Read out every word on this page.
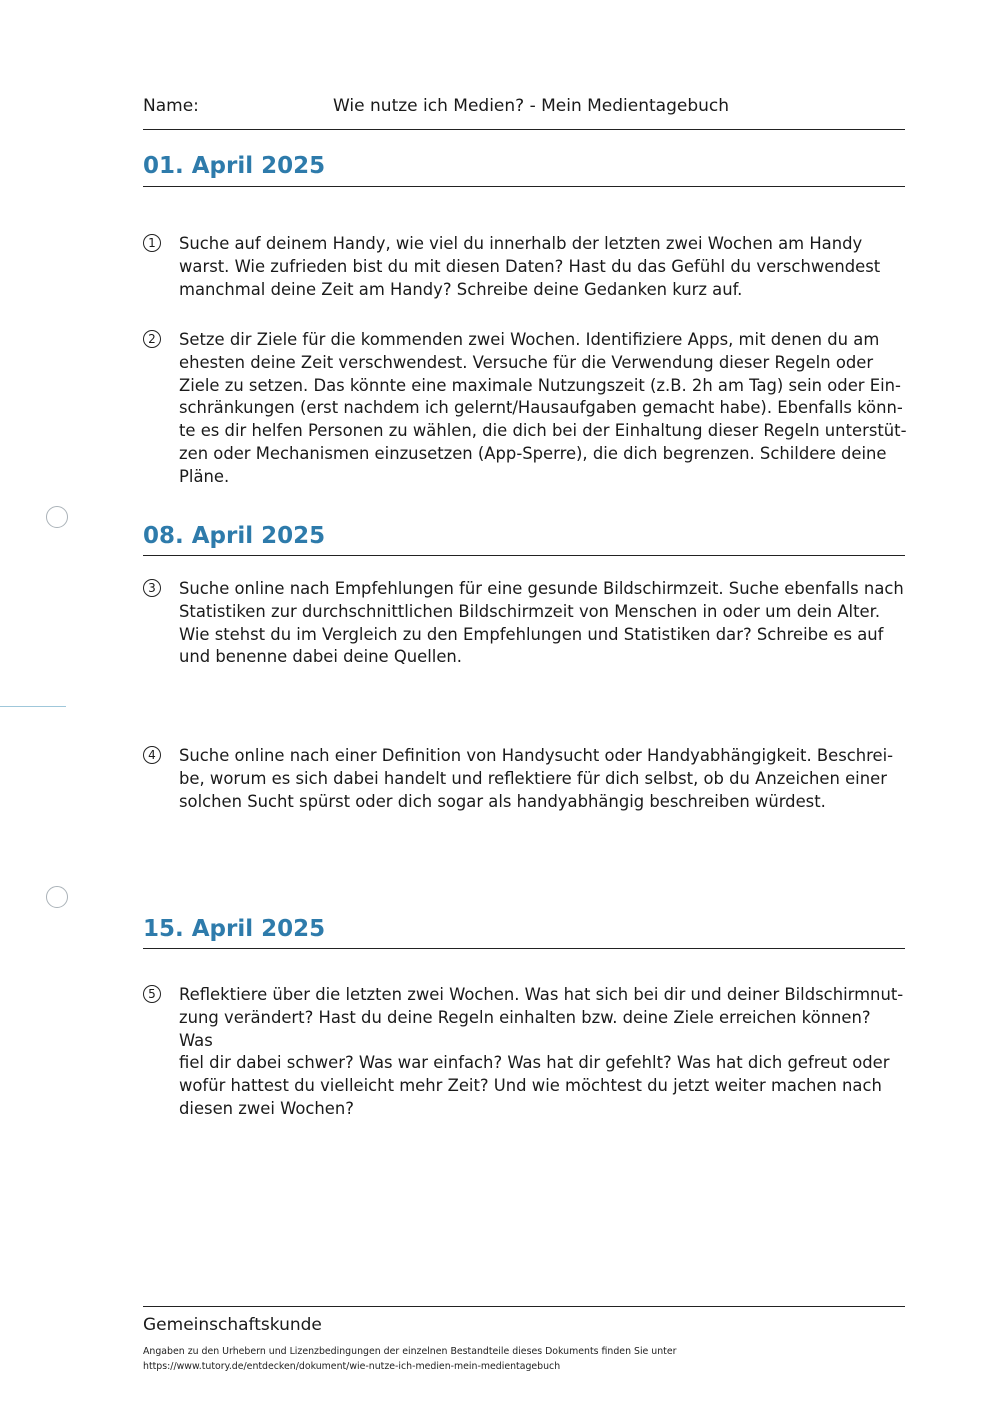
Name:	Wie nutze ich Medien? - Mein Medientagebuch
01. April 2025
1	Suche auf deinem Handy, wie viel du innerhalb der letzten zwei Wochen am Handy
warst. Wie zufrieden bist du mit diesen Daten? Hast du das Gefühl du verschwendest
manchmal deine Zeit am Handy? Schreibe deine Gedanken kurz auf.
2	Setze dir Ziele für die kommenden zwei Wochen. Identifiziere Apps, mit denen du am
ehesten deine Zeit verschwendest. Versuche für die Verwendung dieser Regeln oder
Ziele zu setzen. Das könnte eine maximale Nutzungszeit (z.B. 2h am Tag) sein oder Ein-
schränkungen (erst nachdem ich gelernt/Hausaufgaben gemacht habe). Ebenfalls könn-
te es dir helfen Personen zu wählen, die dich bei der Einhaltung dieser Regeln unterstüt-
zen oder Mechanismen einzusetzen (App-Sperre), die dich begrenzen. Schildere deine
Pläne.
08. April 2025
3	Suche online nach Empfehlungen für eine gesunde Bildschirmzeit. Suche ebenfalls nach
Statistiken zur durchschnittlichen Bildschirmzeit von Menschen in oder um dein Alter.
Wie stehst du im Vergleich zu den Empfehlungen und Statistiken dar? Schreibe es auf
und benenne dabei deine Quellen.
4	Suche online nach einer Definition von Handysucht oder Handyabhängigkeit. Beschrei-
be, worum es sich dabei handelt und reflektiere für dich selbst, ob du Anzeichen einer
solchen Sucht spürst oder dich sogar als handyabhängig beschreiben würdest.
15. April 2025
5	Reflektiere über die letzten zwei Wochen. Was hat sich bei dir und deiner Bildschirmnut-
zung verändert? Hast du deine Regeln einhalten bzw. deine Ziele erreichen können? Was
fiel dir dabei schwer? Was war einfach? Was hat dir gefehlt? Was hat dich gefreut oder
wofür hattest du vielleicht mehr Zeit? Und wie möchtest du jetzt weiter machen nach
diesen zwei Wochen?
Gemeinschaftskunde
Angaben zu den Urhebern und Lizenzbedingungen der einzelnen Bestandteile dieses Dokuments finden Sie unter
https://www.tutory.de/entdecken/dokument/wie-nutze-ich-medien-mein-medientagebuch
